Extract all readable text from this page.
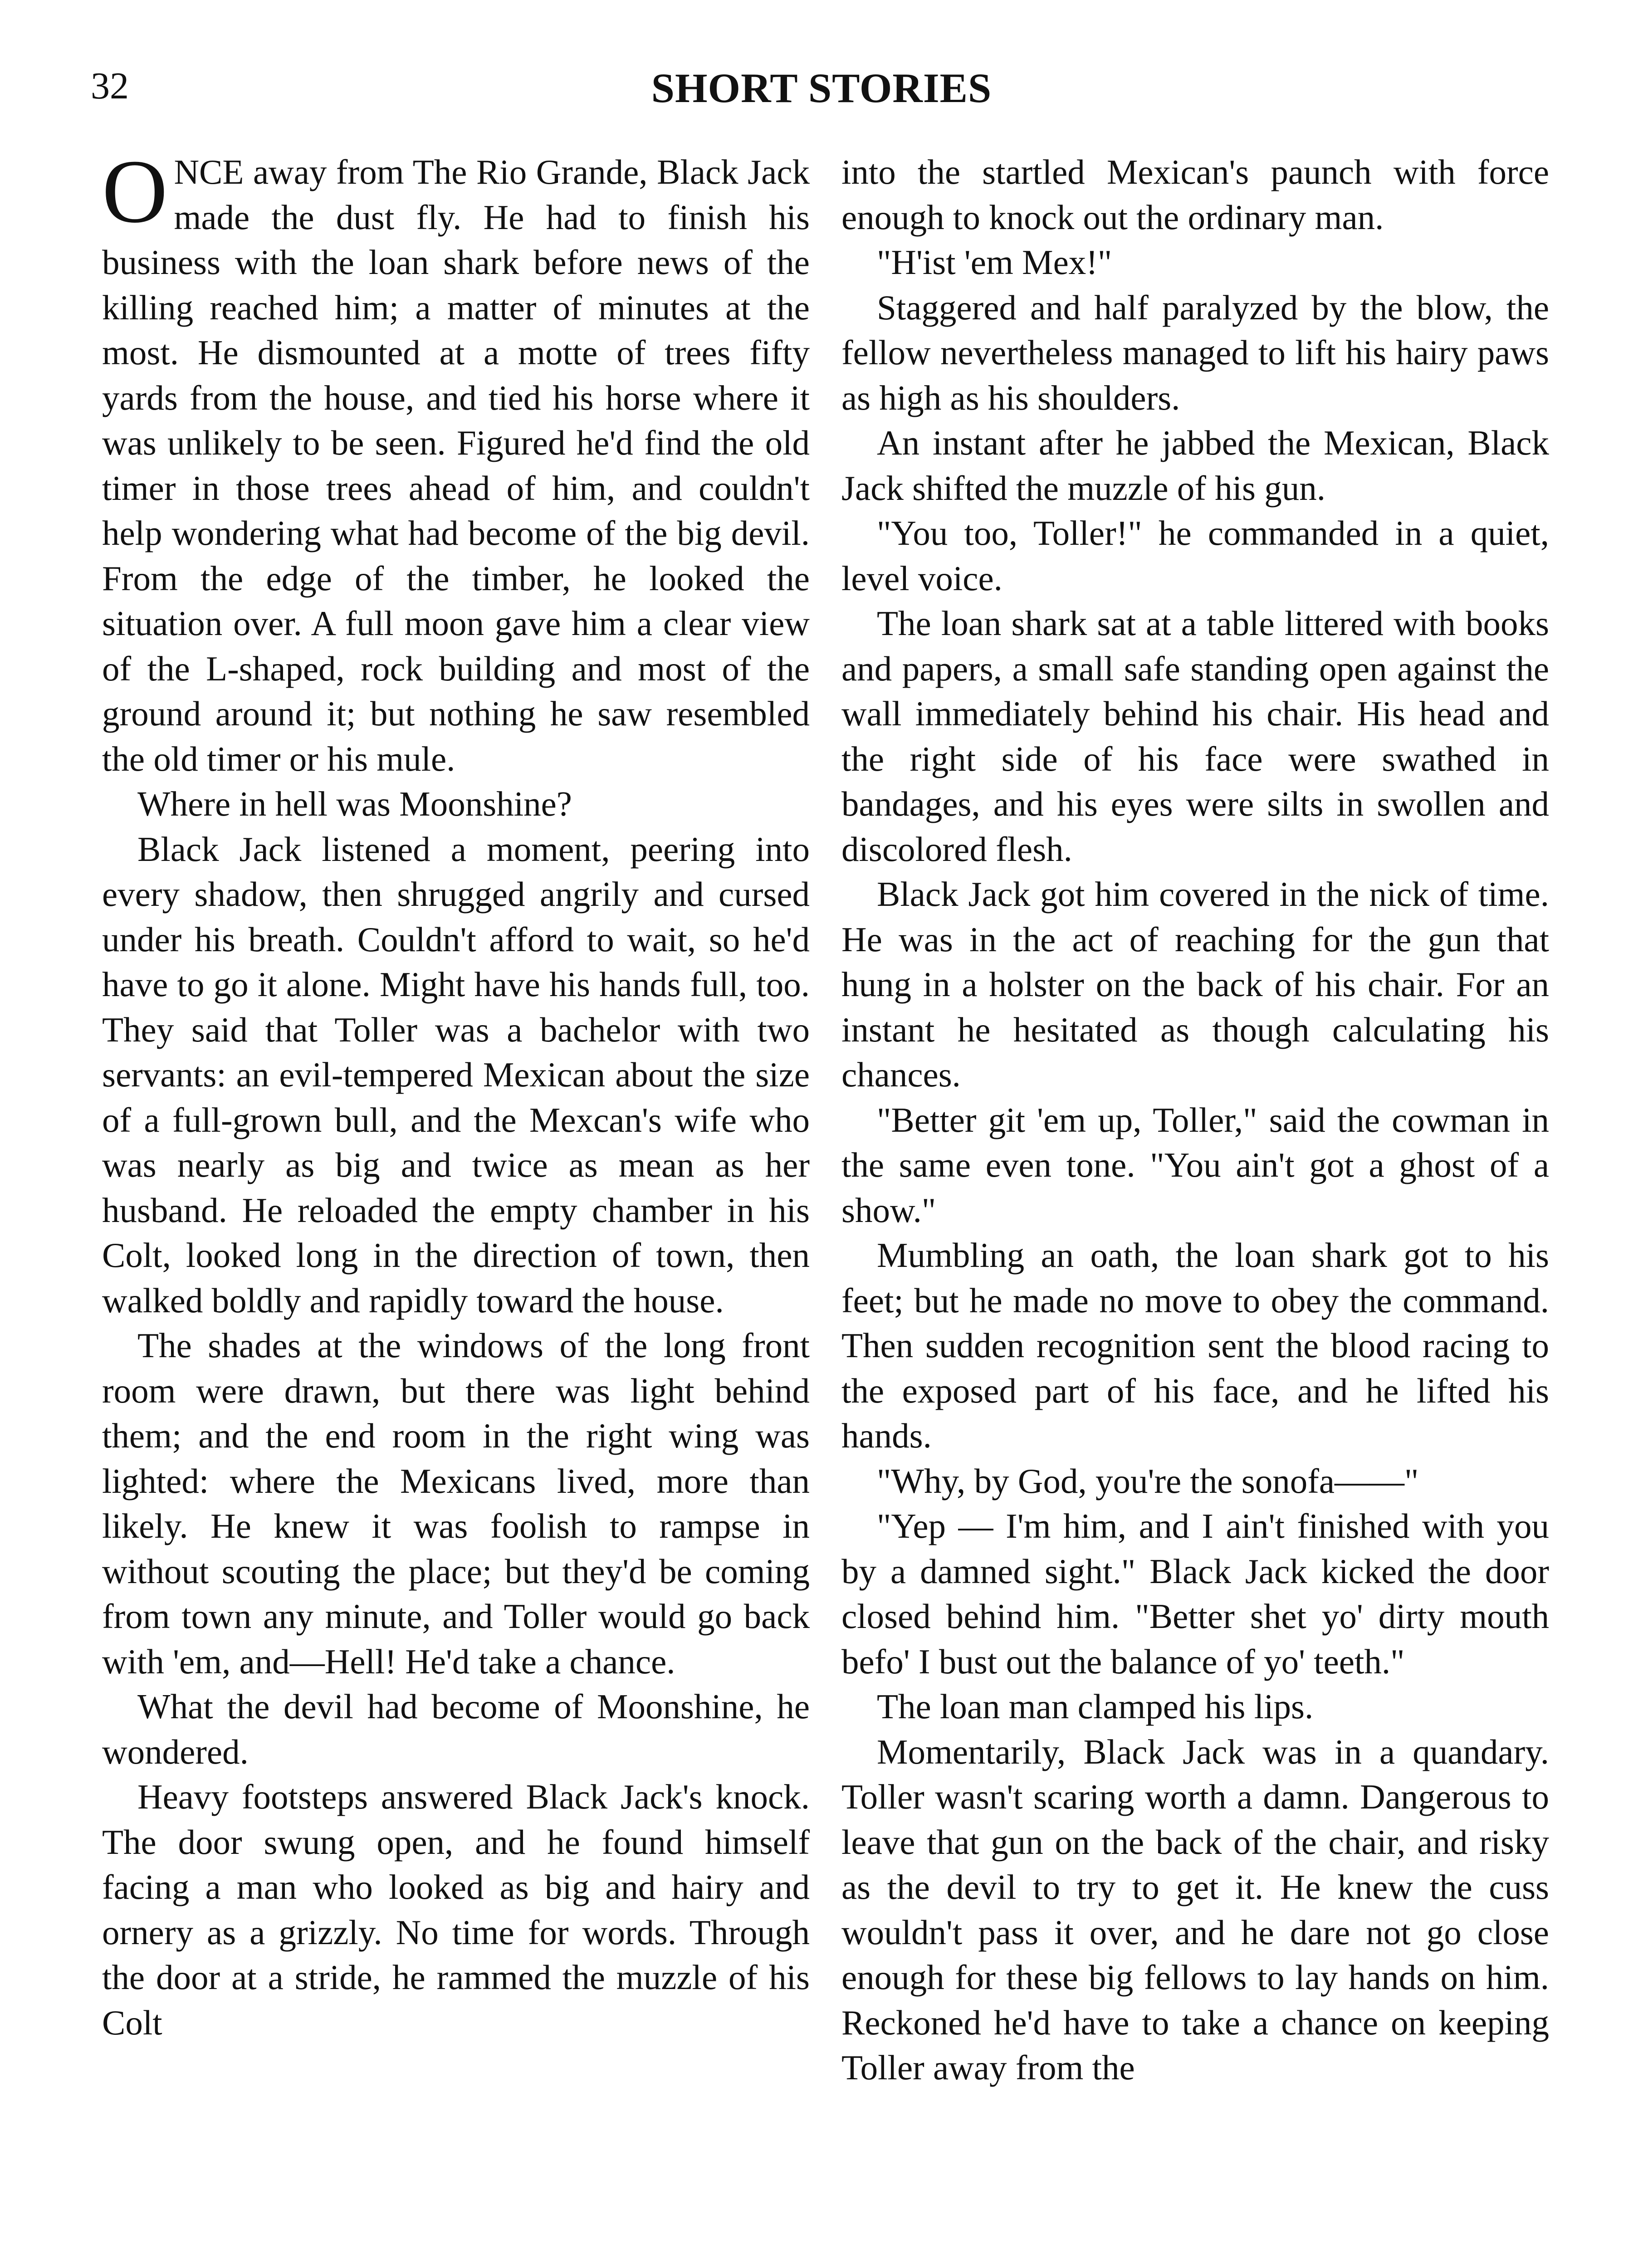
32	SHORT STORIES

ONCE away from The Rio Grande, Black Jack made the dust fly. He had to finish his business with the loan shark before news of the killing reached him; a matter of minutes at the most. He dismounted at a motte of trees fifty yards from the house, and tied his horse where it was unlikely to be seen. Figured he'd find the old timer in those trees ahead of him, and couldn't help wondering what had become of the big devil. From the edge of the timber, he looked the situation over. A full moon gave him a clear view of the L-shaped, rock building and most of the ground around it; but nothing he saw resembled the old timer or his mule.

Where in hell was Moonshine?

Black Jack listened a moment, peering into every shadow, then shrugged angrily and cursed under his breath. Couldn't afford to wait, so he'd have to go it alone. Might have his hands full, too. They said that Toller was a bachelor with two servants: an evil-tempered Mexican about the size of a full-grown bull, and the Mexcan's wife who was nearly as big and twice as mean as her husband. He reloaded the empty chamber in his Colt, looked long in the direction of town, then walked boldly and rapidly toward the house.

The shades at the windows of the long front room were drawn, but there was light behind them; and the end room in the right wing was lighted: where the Mexicans lived, more than likely. He knew it was foolish to rampse in without scouting the place; but they'd be coming from town any minute, and Toller would go back with 'em, and—Hell! He'd take a chance.

What the devil had become of Moonshine, he wondered.

Heavy footsteps answered Black Jack's knock. The door swung open, and he found himself facing a man who looked as big and hairy and ornery as a grizzly. No time for words. Through the door at a stride, he rammed the muzzle of his Colt

into the startled Mexican's paunch with force enough to knock out the ordinary man.

"H'ist 'em Mex!"

Staggered and half paralyzed by the blow, the fellow nevertheless managed to lift his hairy paws as high as his shoulders.

An instant after he jabbed the Mexican, Black Jack shifted the muzzle of his gun.

"You too, Toller!" he commanded in a quiet, level voice.

The loan shark sat at a table littered with books and papers, a small safe standing open against the wall immediately behind his chair. His head and the right side of his face were swathed in bandages, and his eyes were silts in swollen and discolored flesh.

Black Jack got him covered in the nick of time. He was in the act of reaching for the gun that hung in a holster on the back of his chair. For an instant he hesitated as though calculating his chances.

"Better git 'em up, Toller," said the cowman in the same even tone. "You ain't got a ghost of a show."

Mumbling an oath, the loan shark got to his feet; but he made no move to obey the command. Then sudden recognition sent the blood racing to the exposed part of his face, and he lifted his hands.

"Why, by God, you're the sonofa——"

"Yep — I'm him, and I ain't finished with you by a damned sight." Black Jack kicked the door closed behind him. "Better shet yo' dirty mouth befo' I bust out the balance of yo' teeth."

The loan man clamped his lips.

Momentarily, Black Jack was in a quandary. Toller wasn't scaring worth a damn. Dangerous to leave that gun on the back of the chair, and risky as the devil to try to get it. He knew the cuss wouldn't pass it over, and he dare not go close enough for these big fellows to lay hands on him. Reckoned he'd have to take a chance on keeping Toller away from the
